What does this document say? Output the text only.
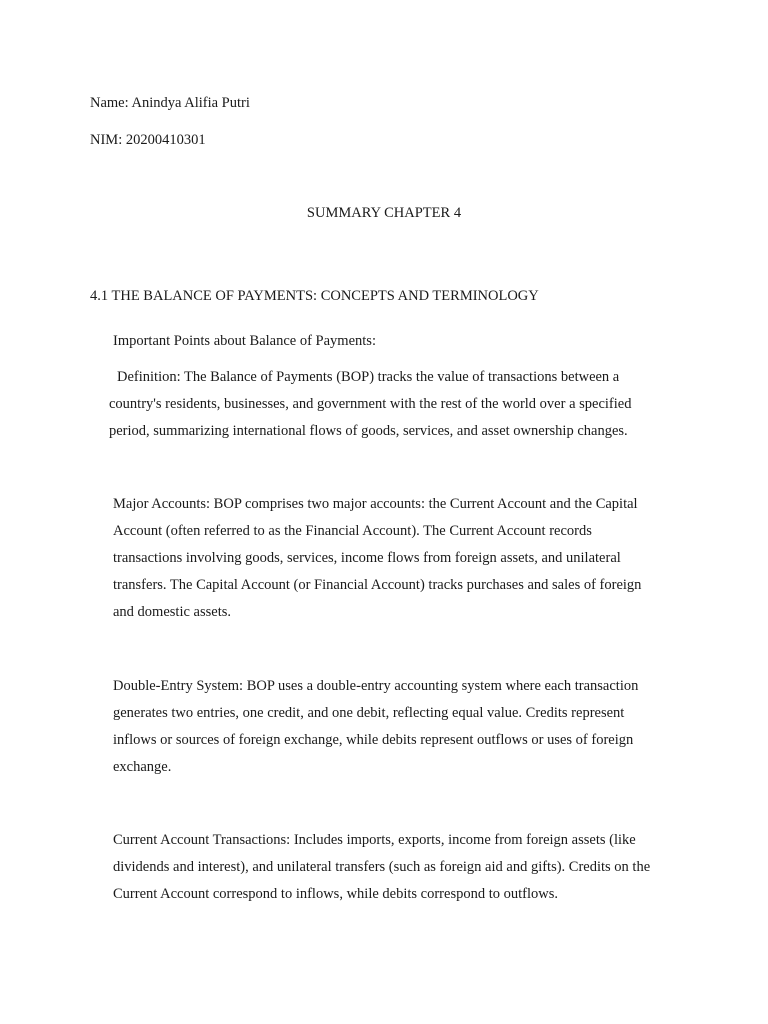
Name: Anindya Alifia Putri
NIM: 20200410301
SUMMARY CHAPTER 4
4.1 THE BALANCE OF PAYMENTS: CONCEPTS AND TERMINOLOGY
Important Points about Balance of Payments:
Definition: The Balance of Payments (BOP) tracks the value of transactions between a
country's residents, businesses, and government with the rest of the world over a specified
period, summarizing international flows of goods, services, and asset ownership changes.
Major Accounts: BOP comprises two major accounts: the Current Account and the Capital
Account (often referred to as the Financial Account). The Current Account records
transactions involving goods, services, income flows from foreign assets, and unilateral
transfers. The Capital Account (or Financial Account) tracks purchases and sales of foreign
and domestic assets.
Double-Entry System: BOP uses a double-entry accounting system where each transaction
generates two entries, one credit, and one debit, reflecting equal value. Credits represent
inflows or sources of foreign exchange, while debits represent outflows or uses of foreign
exchange.
Current Account Transactions: Includes imports, exports, income from foreign assets (like
dividends and interest), and unilateral transfers (such as foreign aid and gifts). Credits on the
Current Account correspond to inflows, while debits correspond to outflows.
